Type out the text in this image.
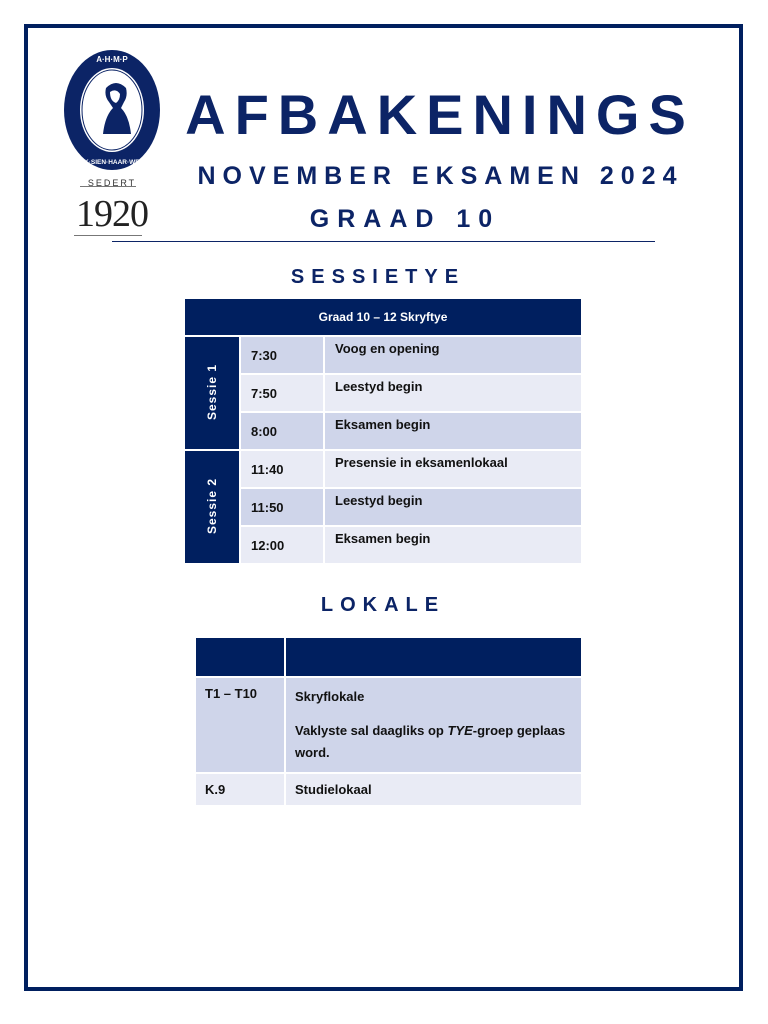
A·H·M·P
EK·SIEN·HAAR·WEN
SEDERT
1920
AFBAKENINGS
NOVEMBER EKSAMEN 2024
GRAAD 10
SESSIETYE
Graad 10 – 12 Skryftye		

Sessie 1	7:30	Voog en opening
	7:50	Leestyd begin
	8:00	Eksamen begin

Sessie 2	11:40	Presensie in eksamenlokaal
	11:50	Leestyd begin
	12:00	Eksamen begin
LOKALE

T1 – T10	Skryflokale

Vaklyste sal daagliks op TYE-groep geplaas word.

K.9	Studielokaal
